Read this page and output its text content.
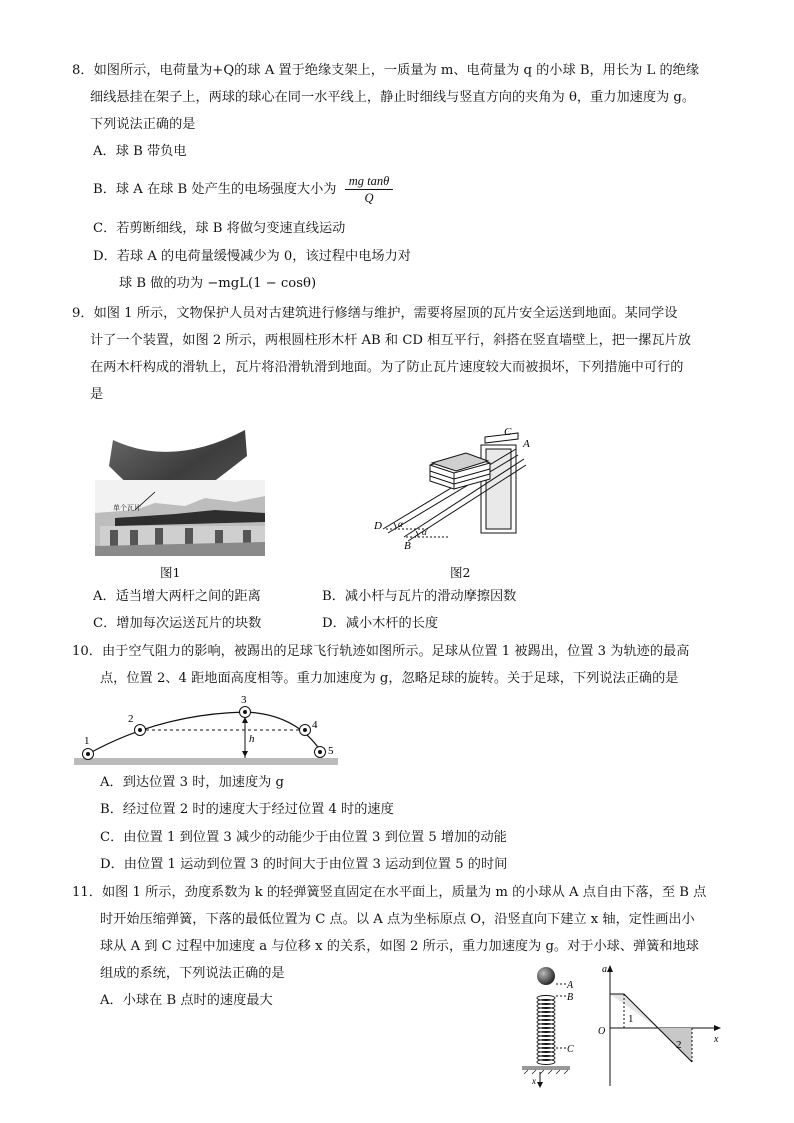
8．如图所示，电荷量为+Q的球 A 置于绝缘支架上，一质量为 m、电荷量为 q 的小球 B，用长为 L 的绝缘
细线悬挂在架子上，两球的球心在同一水平线上，静止时细线与竖直方向的夹角为 θ，重力加速度为 g。
下列说法正确的是
A．球 B 带负电
B．球 A 在球 B 处产生的电场强度大小为 $\frac{\text{mg tanθ}}{Q}$
C．若剪断细线，球 B 将做匀变速直线运动
D．若球 A 的电荷量缓慢减少为 0，该过程中电场力对
球 B 做的功为 −mgL(1 − cosθ)
9．如图 1 所示，文物保护人员对古建筑进行修缮与维护，需要将屋顶的瓦片安全运送到地面。某同学设
计了一个装置，如图 2 所示，两根圆柱形木杆 AB 和 CD 相互平行，斜搭在竖直墙壁上，把一摞瓦片放
在两木杆构成的滑轨上，瓦片将沿滑轨滑到地面。为了防止瓦片速度较大而被损坏，下列措施中可行的
是
单个瓦片
图1
C
A
D
B
α
α
图2
A．适当增大两杆之间的距离	B．减小杆与瓦片的滑动摩擦因数
C．增加每次运送瓦片的块数	D．减小木杆的长度
10．由于空气阻力的影响，被踢出的足球飞行轨迹如图所示。足球从位置 1 被踢出，位置 3 为轨迹的最高
点，位置 2、4 距地面高度相等。重力加速度为 g，忽略足球的旋转。关于足球，下列说法正确的是
1
2
3
4
5
h
A．到达位置 3 时，加速度为 g
B．经过位置 2 时的速度大于经过位置 4 时的速度
C．由位置 1 到位置 3 减少的动能少于由位置 3 到位置 5 增加的动能
D．由位置 1 运动到位置 3 的时间大于由位置 3 运动到位置 5 的时间
11．如图 1 所示，劲度系数为 k 的轻弹簧竖直固定在水平面上，质量为 m 的小球从 A 点自由下落，至 B 点
时开始压缩弹簧，下落的最低位置为 C 点。以 A 点为坐标原点 O，沿竖直向下建立 x 轴，定性画出小
球从 A 到 C 过程中加速度 a 与位移 x 的关系，如图 2 所示，重力加速度为 g。对于小球、弹簧和地球
组成的系统，下列说法正确的是
A．小球在 B 点时的速度最大
A
B
C
x
a
O
x
1
2
